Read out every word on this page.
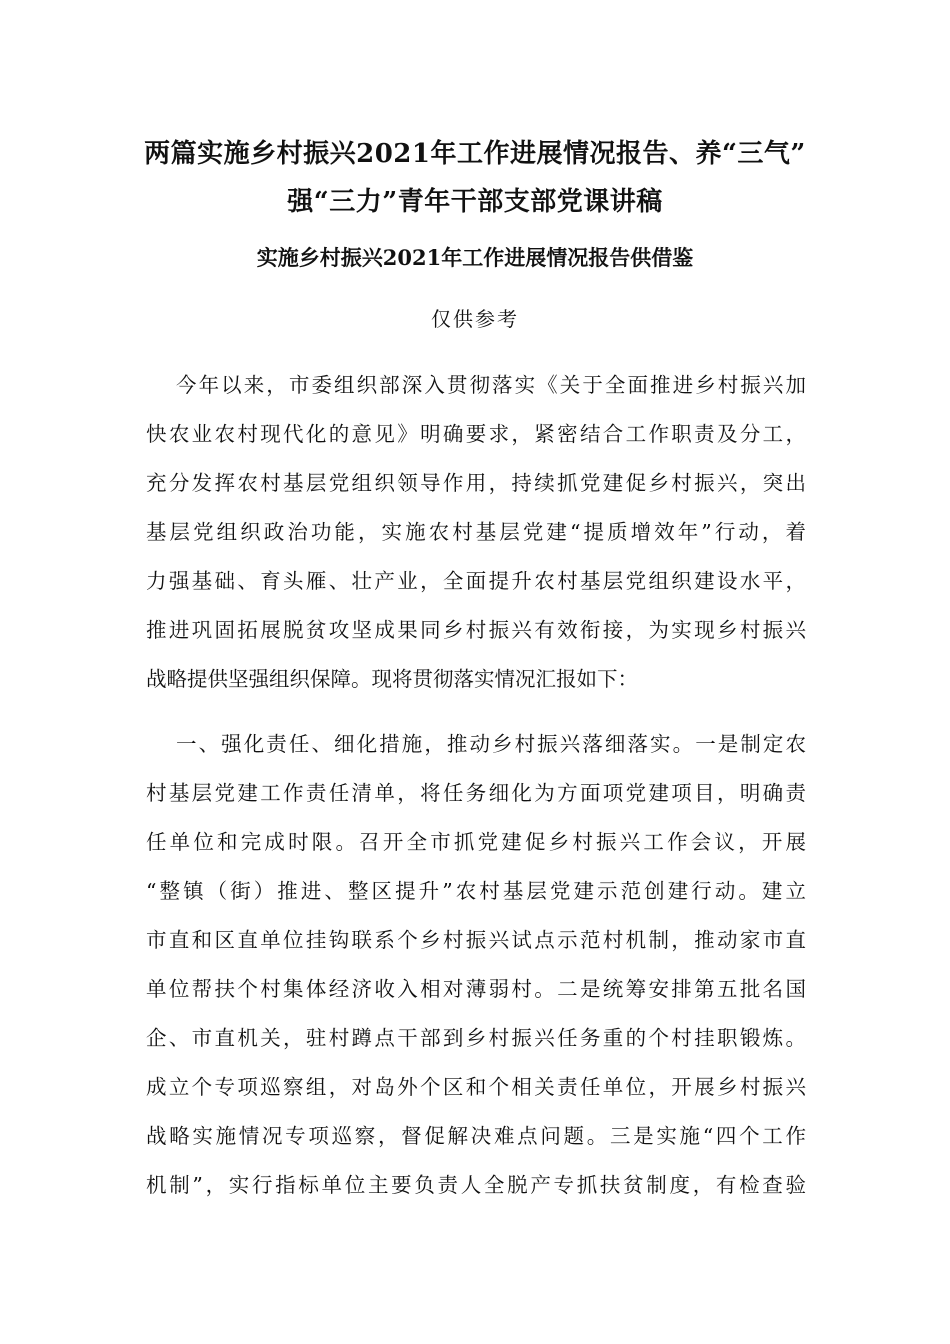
两篇实施乡村振兴2021年工作进展情况报告、养“三气”
强“三力”青年干部支部党课讲稿
实施乡村振兴2021年工作进展情况报告供借鉴
仅供参考
今年以来，市委组织部深入贯彻落实《关于全面推进乡村振兴加
快农业农村现代化的意见》明确要求，紧密结合工作职责及分工，
充分发挥农村基层党组织领导作用，持续抓党建促乡村振兴，突出
基层党组织政治功能，实施农村基层党建“提质增效年”行动，着
力强基础、育头雁、壮产业，全面提升农村基层党组织建设水平，
推进巩固拓展脱贫攻坚成果同乡村振兴有效衔接，为实现乡村振兴
战略提供坚强组织保障。现将贯彻落实情况汇报如下：
一、强化责任、细化措施，推动乡村振兴落细落实。一是制定农
村基层党建工作责任清单，将任务细化为方面项党建项目，明确责
任单位和完成时限。召开全市抓党建促乡村振兴工作会议，开展
“整镇（街）推进、整区提升”农村基层党建示范创建行动。建立
市直和区直单位挂钩联系个乡村振兴试点示范村机制，推动家市直
单位帮扶个村集体经济收入相对薄弱村。二是统筹安排第五批名国
企、市直机关，驻村蹲点干部到乡村振兴任务重的个村挂职锻炼。
成立个专项巡察组，对岛外个区和个相关责任单位，开展乡村振兴
战略实施情况专项巡察，督促解决难点问题。三是实施“四个工作
机制”，实行指标单位主要负责人全脱产专抓扶贫制度，有检查验
